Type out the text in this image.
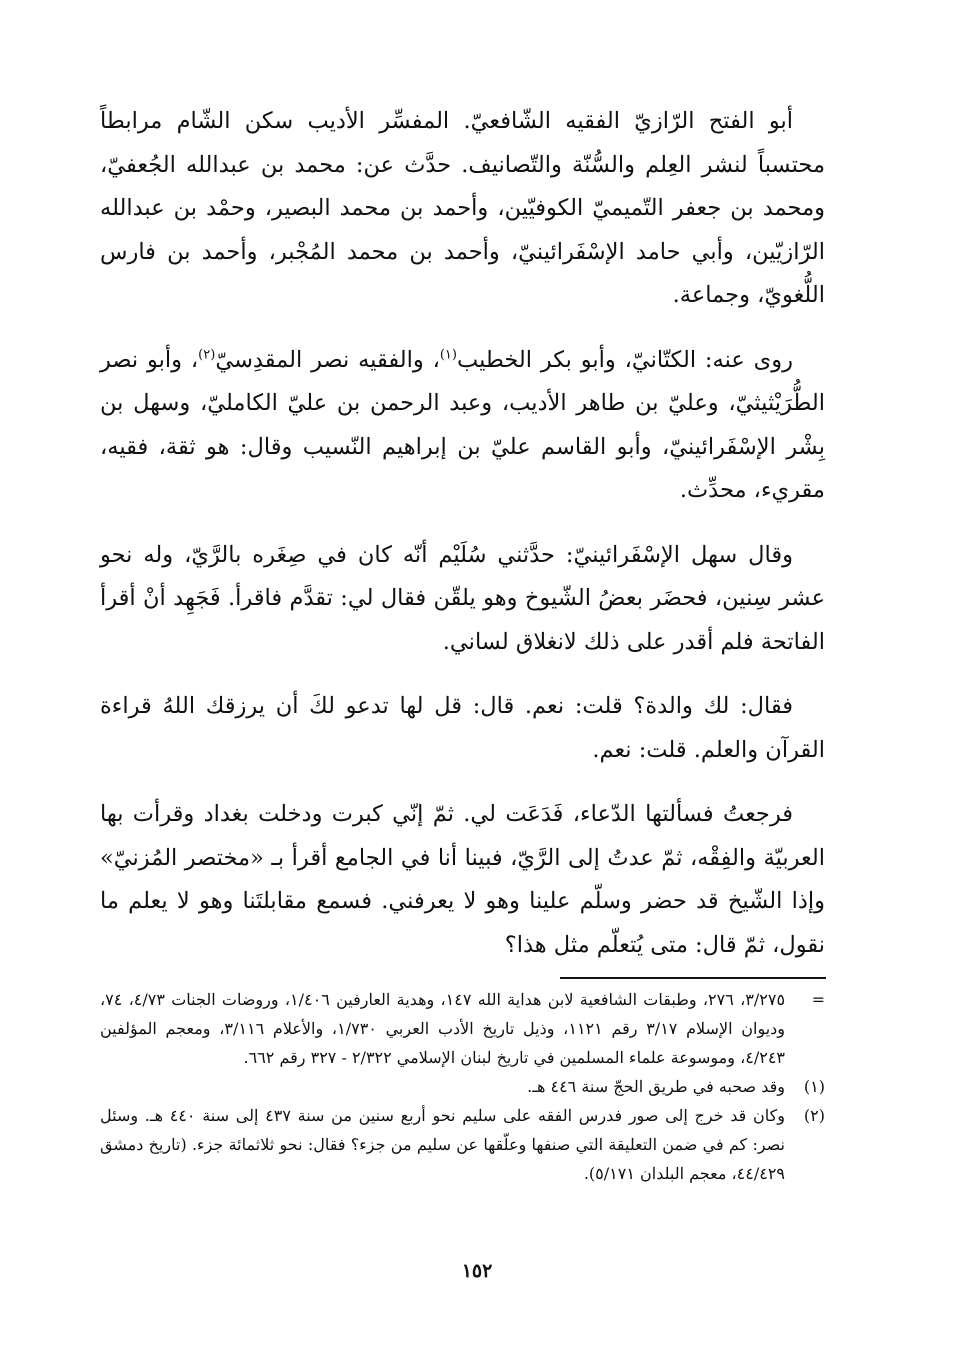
أبو الفتح الرّازيّ الفقيه الشّافعيّ. المفسِّر الأديب سكن الشّام مرابطاً محتسباً لنشر العِلم والسُّنّة والتّصانيف. حدَّث عن: محمد بن عبدالله الجُعفيّ، ومحمد بن جعفر التّميميّ الكوفيّين، وأحمد بن محمد البصير، وحمْد بن عبدالله الرّازيّين، وأبي حامد الإسْفَرائينيّ، وأحمد بن محمد المُجْبر، وأحمد بن فارس اللُّغويّ، وجماعة.

روى عنه: الكتّانيّ، وأبو بكر الخطيب$^{(١)}$، والفقيه نصر المقدِسيّ$^{(٢)}$، وأبو نصر الطُّرَيْثيثيّ، وعليّ بن طاهر الأديب، وعبد الرحمن بن عليّ الكامليّ، وسهل بن بِشْر الإسْفَرائينيّ، وأبو القاسم عليّ بن إبراهيم النّسيب وقال: هو ثقة، فقيه، مقريء، محدِّث.

وقال سهل الإسْفَرائينيّ: حدَّثني سُلَيْم أنّه كان في صِغَره بالرَّيّ، وله نحو عشر سِنين، فحضَر بعضُ الشّيوخ وهو يلقّن فقال لي: تقدَّم فاقرأ. فَجَهِد أنْ أقرأ الفاتحة فلم أقدر على ذلك لانغلاق لساني.

فقال: لك والدة؟ قلت: نعم. قال: قل لها تدعو لكَ أن يرزقك اللهُ قراءة القرآن والعلم. قلت: نعم.

فرجعتُ فسألتها الدّعاء، فَدَعَت لي. ثمّ إنّي كبرت ودخلت بغداد وقرأت بها العربيّة والفِقْه، ثمّ عدتُ إلى الرَّيّ، فبينا أنا في الجامع أقرأ بـ «مختصر المُزنيّ» وإذا الشّيخ قد حضر وسلّم علينا وهو لا يعرفني. فسمع مقابلتَنا وهو لا يعلم ما نقول، ثمّ قال: متى يُتعلّم مثل هذا؟

=
٣/٢٧٥، ٢٧٦، وطبقات الشافعية لابن هداية الله ١٤٧، وهدية العارفين ١/٤٠٦، وروضات الجنات ٤/٧٣، ٧٤، وديوان الإسلام ٣/١٧ رقم ١١٢١، وذيل تاريخ الأدب العربي ١/٧٣٠، والأعلام ٣/١١٦، ومعجم المؤلفين ٤/٢٤٣، وموسوعة علماء المسلمين في تاريخ لبنان الإسلامي ٢/٣٢٢ - ٣٢٧ رقم ٦٦٢.
(١)
وقد صحبه في طريق الحجّ سنة ٤٤٦ هـ.
(٢)
وكان قد خرج إلى صور فدرس الفقه على سليم نحو أربع سنين من سنة ٤٣٧ إلى سنة ٤٤٠ هـ. وسئل نصر: كم في ضمن التعليقة التي صنفها وعلّقها عن سليم من جزء؟ فقال: نحو ثلاثمائة جزء. (تاريخ دمشق ٤٤/٤٢٩، معجم البلدان ٥/١٧١).
١٥٢
